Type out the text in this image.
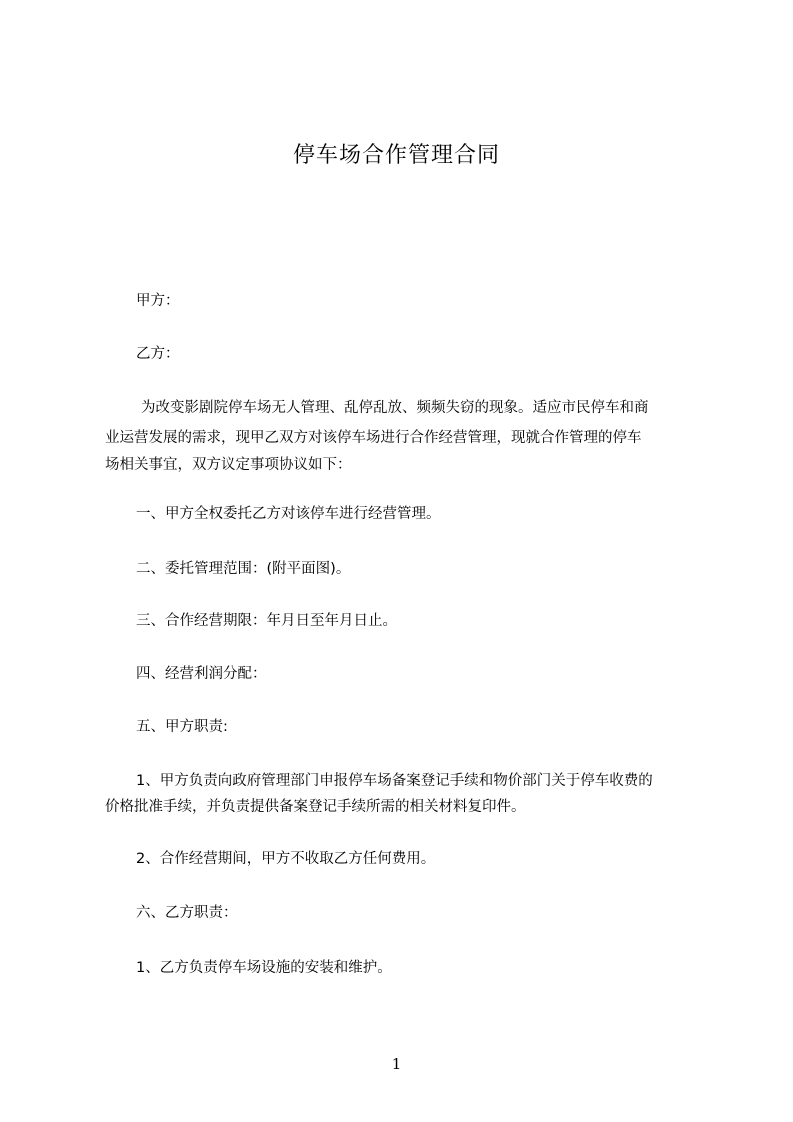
停车场合作管理合同
甲方：
乙方：
为改变影剧院停车场无人管理、乱停乱放、频频失窃的现象。适应市民停车和商
业运营发展的需求，现甲乙双方对该停车场进行合作经营管理，现就合作管理的停车
场相关事宜，双方议定事项协议如下：
一、甲方全权委托乙方对该停车进行经营管理。
二、委托管理范围：(附平面图)。
三、合作经营期限：年月日至年月日止。
四、经营利润分配：
五、甲方职责:
1、甲方负责向政府管理部门申报停车场备案登记手续和物价部门关于停车收费的
价格批准手续，并负责提供备案登记手续所需的相关材料复印件。
2、合作经营期间，甲方不收取乙方任何费用。
六、乙方职责：
1、乙方负责停车场设施的安装和维护。
1
